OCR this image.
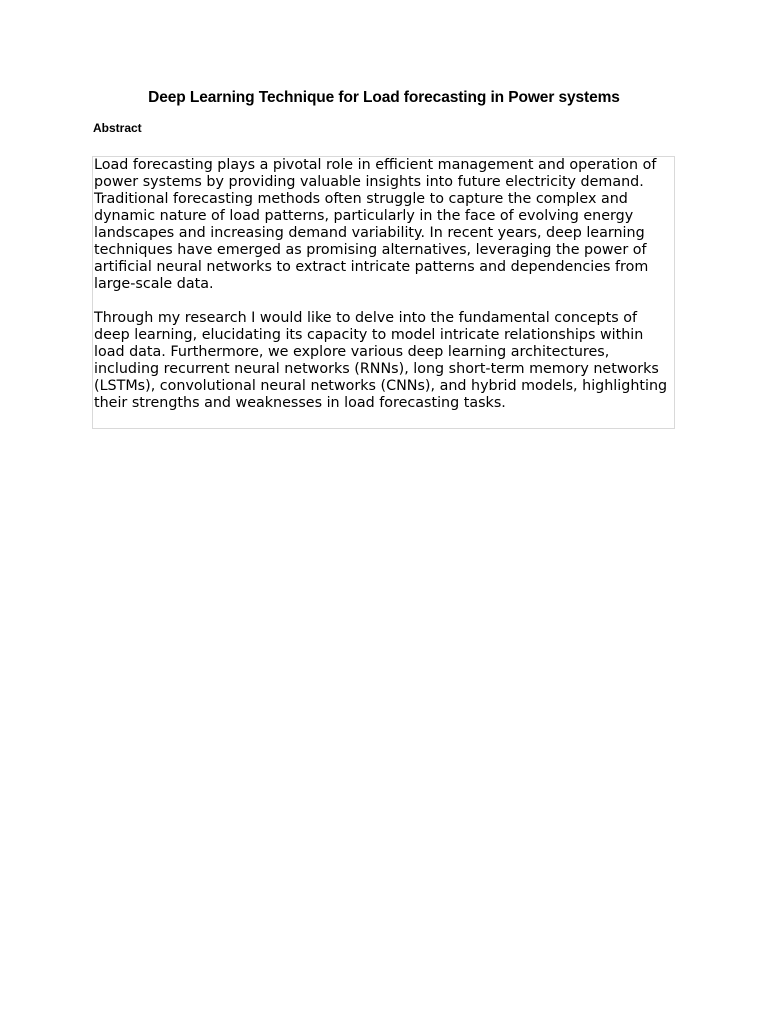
Deep Learning Technique for Load forecasting in Power systems
Abstract

Load forecasting plays a pivotal role in efficient management and operation of power systems by providing valuable insights into future electricity demand. Traditional forecasting methods often struggle to capture the complex and dynamic nature of load patterns, particularly in the face of evolving energy landscapes and increasing demand variability. In recent years, deep learning techniques have emerged as promising alternatives, leveraging the power of artificial neural networks to extract intricate patterns and dependencies from large-scale data.

Through my research I would like to delve into the fundamental concepts of deep learning, elucidating its capacity to model intricate relationships within load data. Furthermore, we explore various deep learning architectures, including recurrent neural networks (RNNs), long short-term memory networks (LSTMs), convolutional neural networks (CNNs), and hybrid models, highlighting their strengths and weaknesses in load forecasting tasks.
